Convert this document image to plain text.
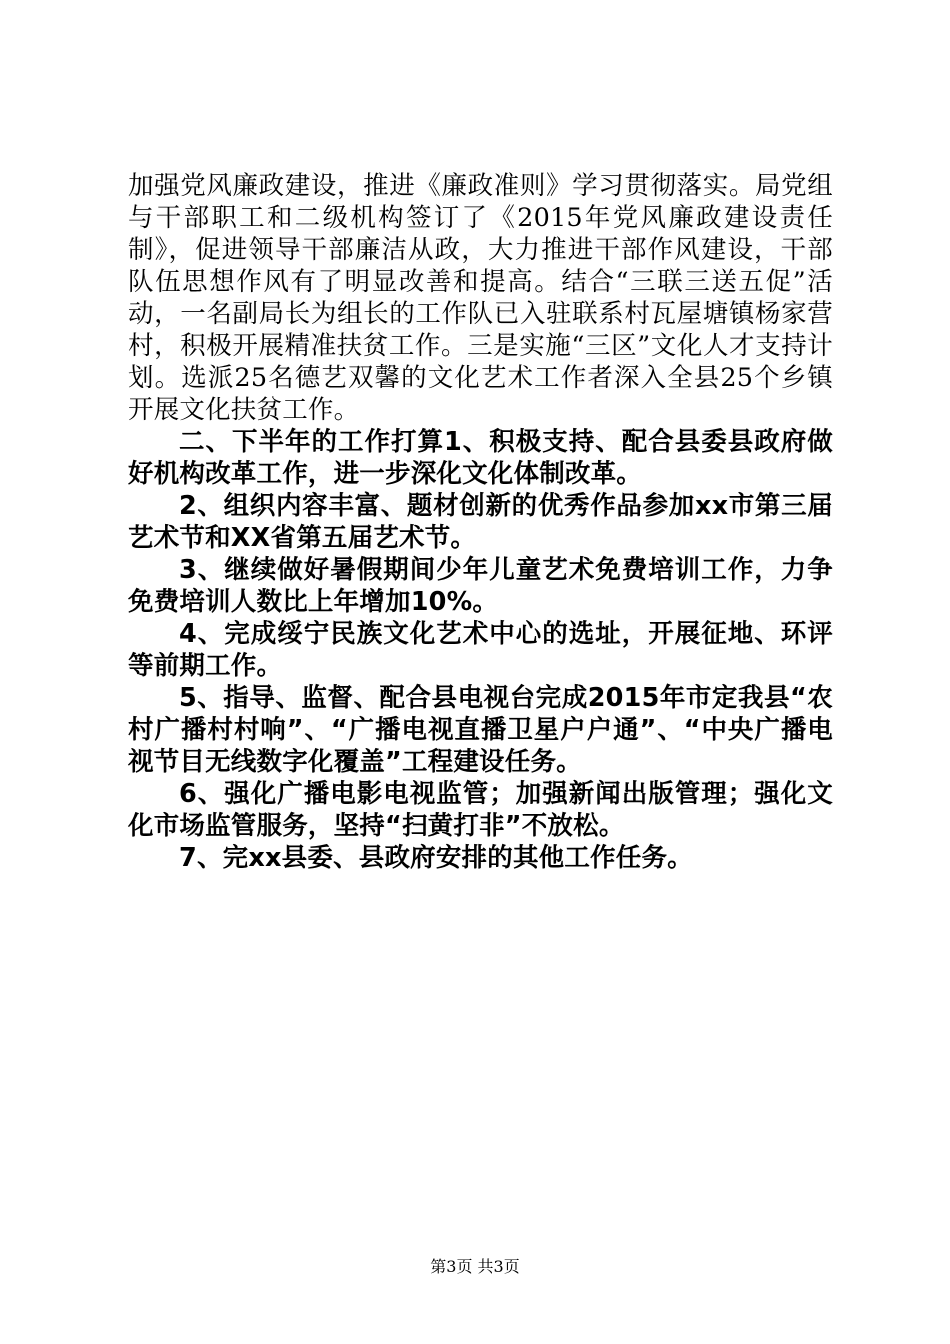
加强党风廉政建设，推进《廉政准则》学习贯彻落实。局党组与干部职工和二级机构签订了《2015年党风廉政建设责任制》，促进领导干部廉洁从政，大力推进干部作风建设，干部队伍思想作风有了明显改善和提高。结合“三联三送五促”活动，一名副局长为组长的工作队已入驻联系村瓦屋塘镇杨家营村，积极开展精准扶贫工作。三是实施“三区”文化人才支持计划。选派25名德艺双馨的文化艺术工作者深入全县25个乡镇开展文化扶贫工作。

二、下半年的工作打算1、积极支持、配合县委县政府做好机构改革工作，进一步深化文化体制改革。

2、组织内容丰富、题材创新的优秀作品参加xx市第三届艺术节和XX省第五届艺术节。

3、继续做好暑假期间少年儿童艺术免费培训工作，力争免费培训人数比上年增加10%。

4、完成绥宁民族文化艺术中心的选址，开展征地、环评等前期工作。

5、指导、监督、配合县电视台完成2015年市定我县“农村广播村村响”、“广播电视直播卫星户户通”、“中央广播电视节目无线数字化覆盖”工程建设任务。

6、强化广播电影电视监管；加强新闻出版管理；强化文化市场监管服务，坚持“扫黄打非”不放松。

7、完xx县委、县政府安排的其他工作任务。

第3页 共3页
